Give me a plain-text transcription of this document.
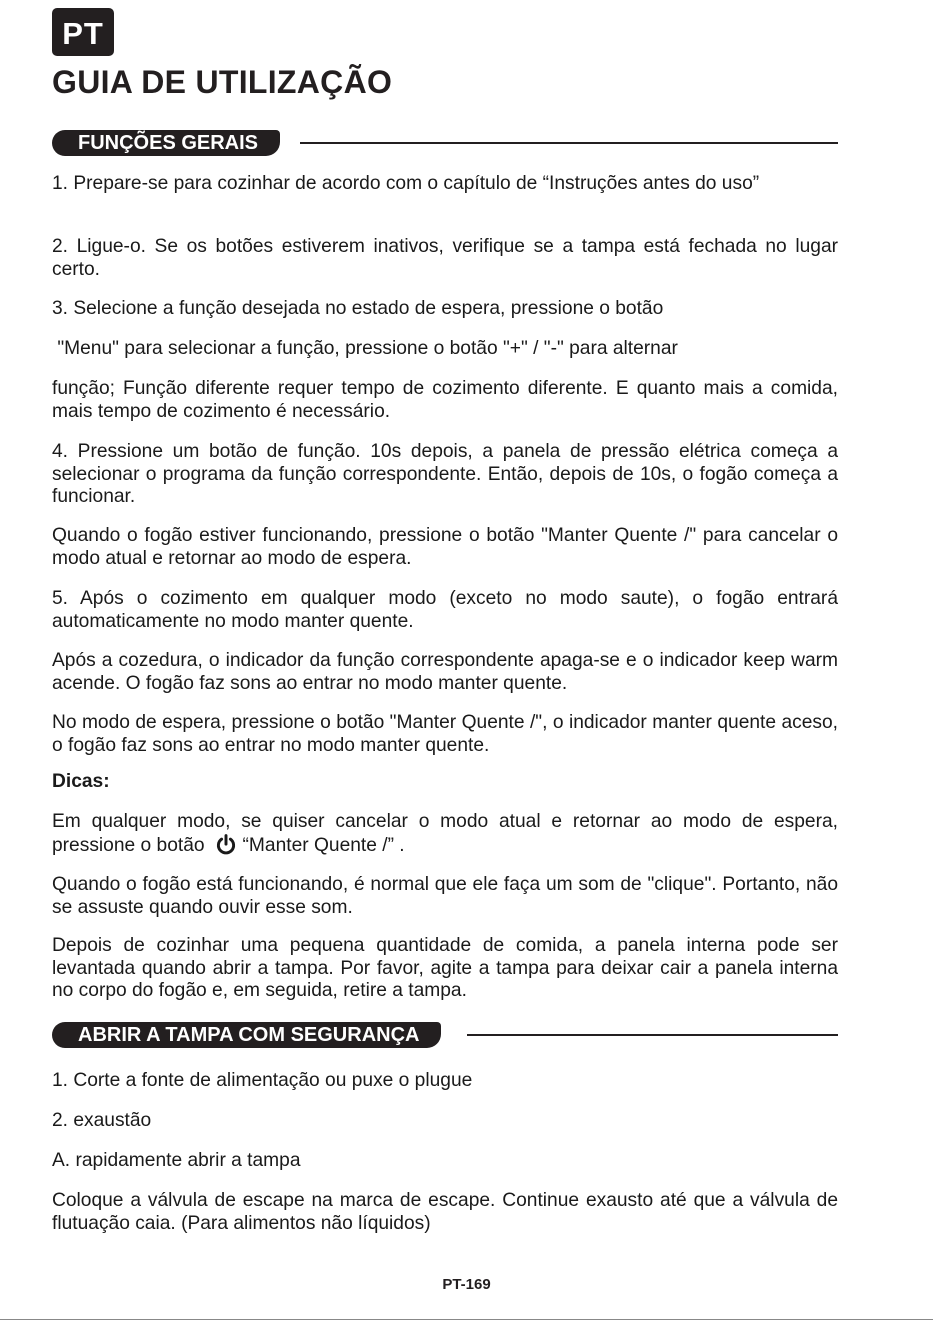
PT
GUIA DE UTILIZAÇÃO
FUNÇÕES GERAIS

1. Prepare-se para cozinhar de acordo com o capítulo de “Instruções antes do uso”

2. Ligue-o. Se os botões estiverem inativos, verifique se a tampa está fechada no lugar certo.

3. Selecione a função desejada no estado de espera, pressione o botão

"Menu" para selecionar a função, pressione o botão "+" / "-" para alternar

função; Função diferente requer tempo de cozimento diferente. E quanto mais a comida, mais tempo de cozimento é necessário.

4. Pressione um botão de função. 10s depois, a panela de pressão elétrica começa a selecionar o programa da função correspondente. Então, depois de 10s, o fogão começa a funcionar.

Quando o fogão estiver funcionando, pressione o botão "Manter Quente /" para cancelar o modo atual e retornar ao modo de espera.

5. Após o cozimento em qualquer modo (exceto no modo saute), o fogão entrará automaticamente no modo manter quente.

Após a cozedura, o indicador da função correspondente apaga-se e o indicador keep warm acende. O fogão faz sons ao entrar no modo manter quente.

No modo de espera, pressione o botão "Manter Quente /", o indicador manter quente aceso, o fogão faz sons ao entrar no modo manter quente.

Dicas:

Em qualquer modo, se quiser cancelar o modo atual e retornar ao modo de espera, pressione o botão “Manter Quente /” .

Quando o fogão está funcionando, é normal que ele faça um som de "clique". Portanto, não se assuste quando ouvir esse som.

Depois de cozinhar uma pequena quantidade de comida, a panela interna pode ser levantada quando abrir a tampa. Por favor, agite a tampa para deixar cair a panela interna no corpo do fogão e, em seguida, retire a tampa.

ABRIR A TAMPA COM SEGURANÇA

1. Corte a fonte de alimentação ou puxe o plugue

2. exaustão

A. rapidamente abrir a tampa

Coloque a válvula de escape na marca de escape. Continue exausto até que a válvula de flutuação caia. (Para alimentos não líquidos)

PT-169
